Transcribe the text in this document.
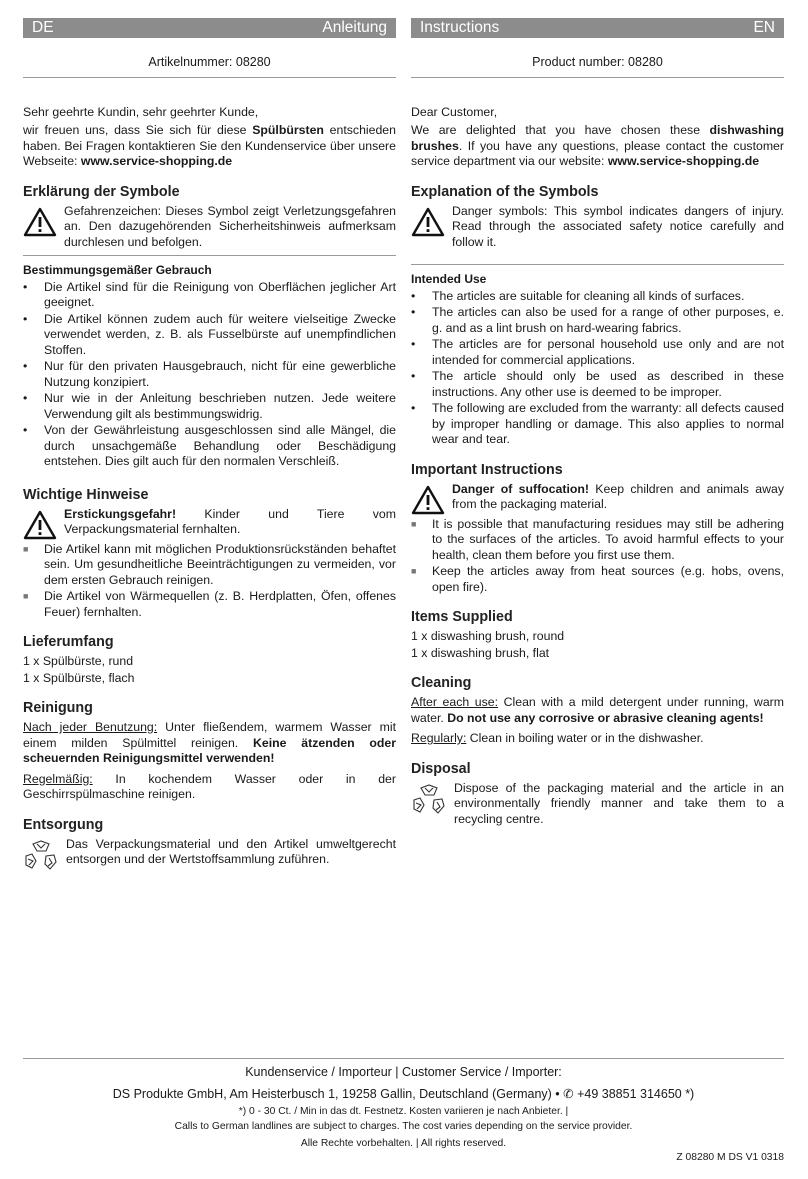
DE	Anleitung
Artikelnummer: 08280
Sehr geehrte Kundin, sehr geehrter Kunde,
wir freuen uns, dass Sie sich für diese Spülbürsten entschieden haben. Bei Fragen kontaktieren Sie den Kundenservice über unsere Webseite: www.service-shopping.de
Erklärung der Symbole
Gefahrenzeichen: Dieses Symbol zeigt Verletzungsgefahren an. Den dazugehörenden Sicherheitshinweis aufmerksam durchlesen und befolgen.
Bestimmungsgemäßer Gebrauch
•	Die Artikel sind für die Reinigung von Oberflächen jeglicher Art geeignet.
•	Die Artikel können zudem auch für weitere vielseitige Zwecke verwendet werden, z. B. als Fusselbürste auf unempfindlichen Stoffen.
•	Nur für den privaten Hausgebrauch, nicht für eine gewerbliche Nutzung konzipiert.
•	Nur wie in der Anleitung beschrieben nutzen. Jede weitere Verwendung gilt als bestimmungswidrig.
•	Von der Gewährleistung ausgeschlossen sind alle Mängel, die durch unsachgemäße Behandlung oder Beschädigung entstehen. Dies gilt auch für den normalen Verschleiß.
Wichtige Hinweise
Erstickungsgefahr! Kinder und Tiere vom Verpackungsmaterial fernhalten.
■	Die Artikel kann mit möglichen Produktionsrückständen behaftet sein. Um gesundheitliche Beeinträchtigungen zu vermeiden, vor dem ersten Gebrauch reinigen.
■	Die Artikel von Wärmequellen (z. B. Herdplatten, Öfen, offenes Feuer) fernhalten.
Lieferumfang
1 x Spülbürste, rund
1 x Spülbürste, flach
Reinigung
Nach jeder Benutzung: Unter fließendem, warmem Wasser mit einem milden Spülmittel reinigen. Keine ätzenden oder scheuernden Reinigungsmittel verwenden!
Regelmäßig: In kochendem Wasser oder in der Geschirrspülmaschine reinigen.
Entsorgung
Das Verpackungsmaterial und den Artikel umweltgerecht entsorgen und der Wertstoffsammlung zuführen.
Instructions	EN
Product number: 08280
Dear Customer,
We are delighted that you have chosen these dishwashing brushes. If you have any questions, please contact the customer service department via our website: www.service-shopping.de
Explanation of the Symbols
Danger symbols: This symbol indicates dangers of injury. Read through the associated safety notice carefully and follow it.
Intended Use
•	The articles are suitable for cleaning all kinds of surfaces.
•	The articles can also be used for a range of other purposes, e. g. and as a lint brush on hard-wearing fabrics.
•	The articles are for personal household use only and are not intended for commercial applications.
•	The article should only be used as described in these instructions. Any other use is deemed to be improper.
•	The following are excluded from the warranty: all defects caused by improper handling or damage. This also applies to normal wear and tear.
Important Instructions
Danger of suffocation! Keep children and animals away from the packaging material.
■	It is possible that manufacturing residues may still be adhering to the surfaces of the articles. To avoid harmful effects to your health, clean them before you first use them.
■	Keep the articles away from heat sources (e.g. hobs, ovens, open fire).
Items Supplied
1 x diswashing brush, round
1 x diswashing brush, flat
Cleaning
After each use: Clean with a mild detergent under running, warm water. Do not use any corrosive or abrasive cleaning agents!
Regularly: Clean in boiling water or in the dishwasher.
Disposal
Dispose of the packaging material and the article in an environmentally friendly manner and take them to a recycling centre.
Kundenservice / Importeur | Customer Service / Importer:
DS Produkte GmbH, Am Heisterbusch 1, 19258 Gallin, Deutschland (Germany) • ✆ +49 38851 314650 *)
*) 0 - 30 Ct. / Min in das dt. Festnetz. Kosten variieren je nach Anbieter. |
Calls to German landlines are subject to charges. The cost varies depending on the service provider.
Alle Rechte vorbehalten. | All rights reserved.
Z 08280 M DS V1 0318
